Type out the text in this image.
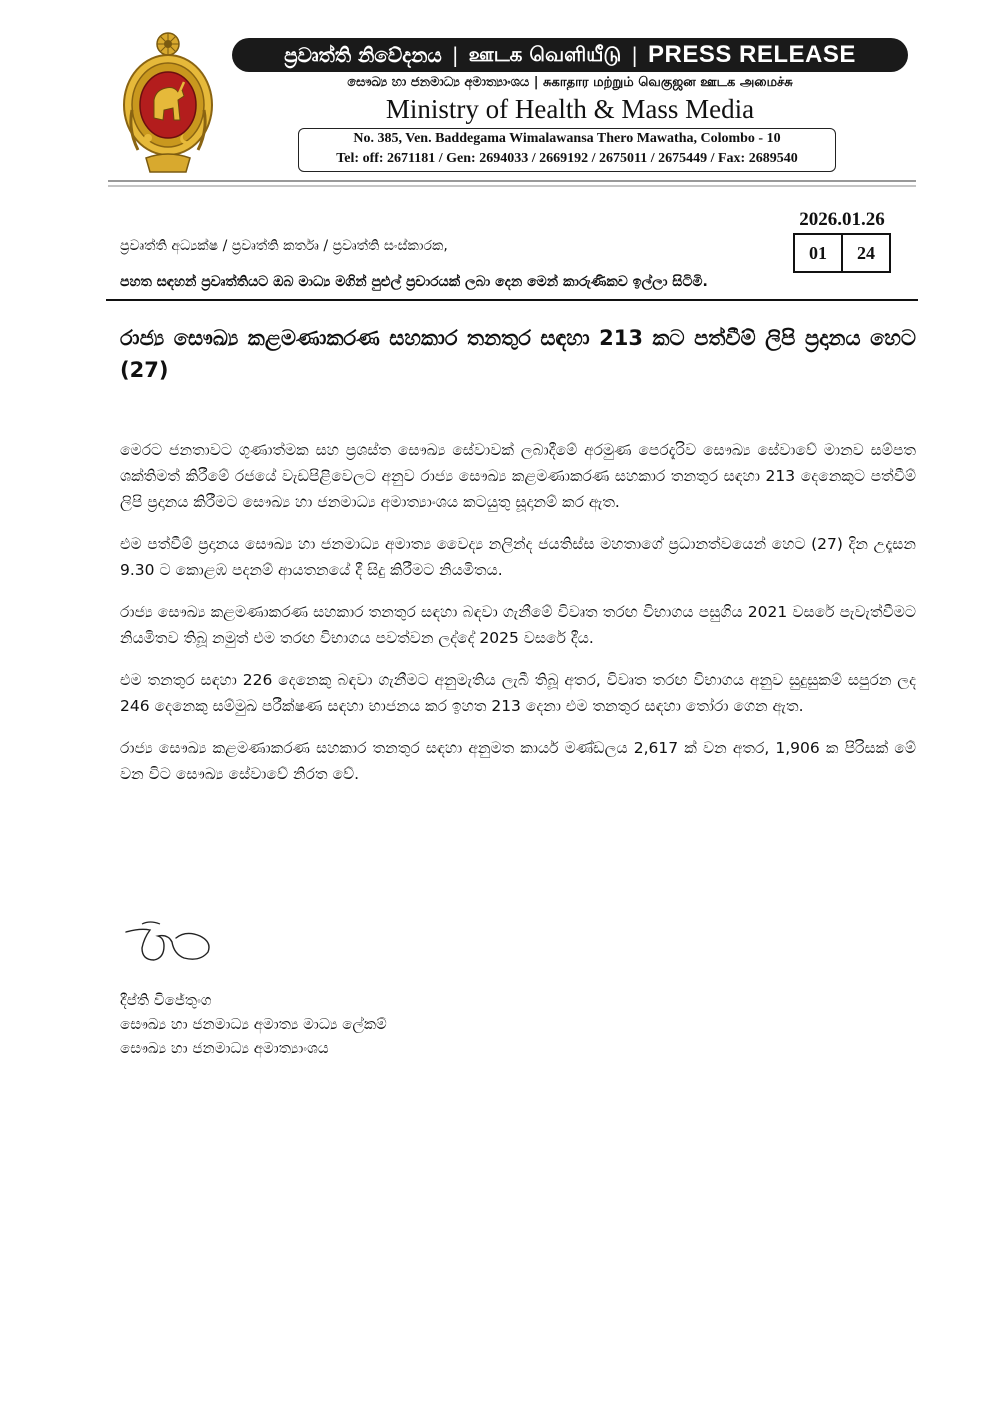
ප්‍රවෘත්ති නිවේදනය | ஊடக வெளியீடு | PRESS RELEASE
සෞඛ්‍ය හා ජනමාධ්‍ය අමාත්‍යාංශය | சுகாதார மற்றும் வெகுஜன ஊடக அமைச்சு
Ministry of Health & Mass Media
No. 385, Ven. Baddegama Wimalawansa Thero Mawatha, Colombo - 10
Tel: off: 2671181 / Gen: 2694033 / 2669192 / 2675011 / 2675449 / Fax: 2689540
2026.01.26
01	24
ප්‍රවෘත්ති අධ්‍යක්ෂ / ප්‍රවෘත්ති කර්තෘ / ප්‍රවෘත්ති සංස්කාරක,
පහත සඳහන් ප්‍රවෘත්තියට ඔබ මාධ්‍ය මගින් පුළුල් ප්‍රචාරයක් ලබා දෙන මෙන් කාරුණිකව ඉල්ලා සිටිමි.
රාජ්‍ය සෞඛ්‍ය කළමණාකරණ සහකාර තනතුර සඳහා 213 කට පත්වීම් ලිපි ප්‍රදානය හෙට (27)

මෙරට ජනතාවට ගුණාත්මක සහ ප්‍රශස්ත සෞඛ්‍ය සේවාවක් ලබාදීමේ අරමුණ පෙරදැරිව සෞඛ්‍ය සේවාවේ මානව සම්පත ශක්තිමත් කිරීමේ රජයේ වැඩපිළිවෙලට අනුව රාජ්‍ය සෞඛ්‍ය කළමණාකරණ සහකාර තනතුර සඳහා 213 දෙනෙකුට පත්වීම් ලිපි ප්‍රදානය කිරීමට සෞඛ්‍ය හා ජනමාධ්‍ය අමාත්‍යාංශය කටයුතු සූදානම් කර ඇත.

එම පත්වීම් ප්‍රදානය සෞඛ්‍ය හා ජනමාධ්‍ය අමාත්‍ය වෛද්‍ය නලින්ද ජයතිස්ස මහතාගේ ප්‍රධානත්වයෙන් හෙට (27) දින උදෑසන 9.30 ට කොළඹ පදනම් ආයතනයේ දී සිදු කිරීමට නියමිතය.

රාජ්‍ය සෞඛ්‍ය කළමණාකරණ සහකාර තනතුර සඳහා බඳවා ගැනීමේ විවෘත තරඟ විභාගය පසුගිය 2021 වසරේ පැවැත්වීමට නියමිතව තිබූ නමුත් එම තරඟ විභාගය පවත්වන ලද්දේ 2025 වසරේ දීය.

එම තනතුර සඳහා 226 දෙනෙකු බඳවා ගැනීමට අනුමැතිය ලැබී තිබූ අතර, විවෘත තරඟ විභාගය අනුව සුදුසුකම් සපුරන ලද 246 දෙනෙකු සම්මුඛ පරීක්ෂණ සඳහා භාජනය කර ඉහත 213 දෙනා එම තනතුර සඳහා තෝරා ගෙන ඇත.

රාජ්‍ය සෞඛ්‍ය කළමණාකරණ සහකාර තනතුර සඳහා අනුමත කාර්ය මණ්ඩලය 2,617 ක් වන අතර, 1,906 ක පිරිසක් මේ වන විට සෞඛ්‍ය සේවාවේ නිරත වේ.

දීප්ති විජේතුංග
සෞඛ්‍ය හා ජනමාධ්‍ය අමාත්‍ය මාධ්‍ය ලේකම්
සෞඛ්‍ය හා ජනමාධ්‍ය අමාත්‍යාංශය
